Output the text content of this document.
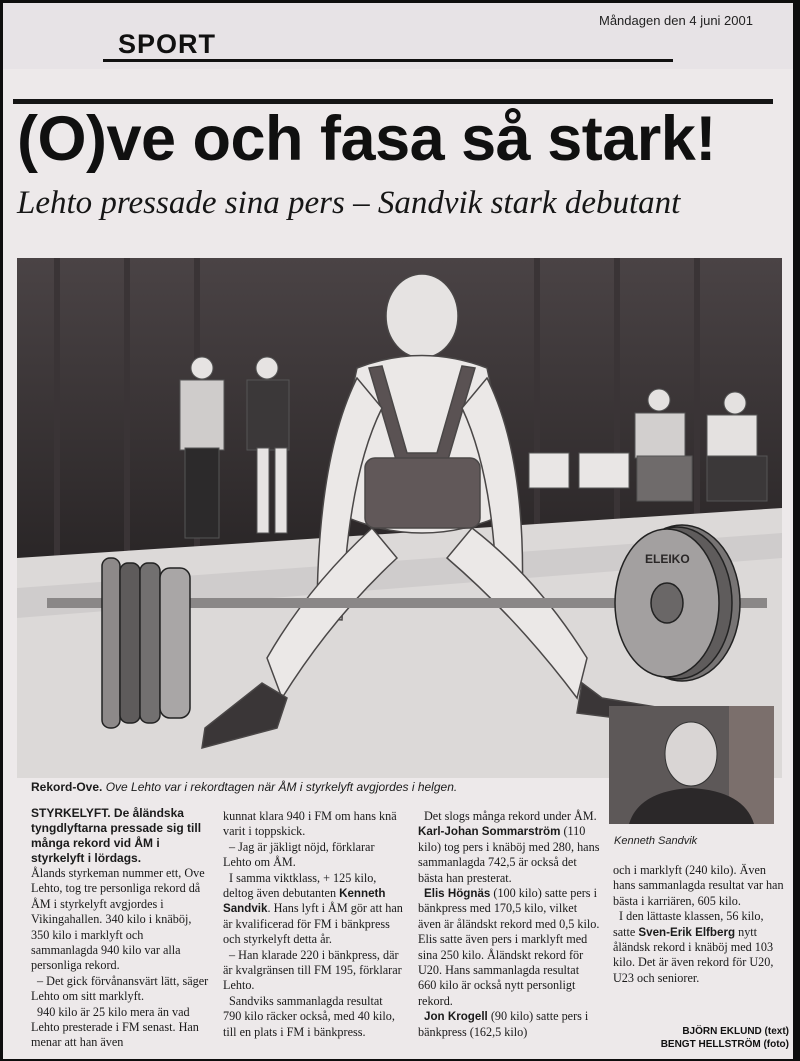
SPORT
Måndagen den 4 juni 2001
(O)ve och fasa så stark!
Lehto pressade sina pers – Sandvik stark debutant
ELEIKO
Kenneth Sandvik
Rekord-Ove. Ove Lehto var i rekordtagen när ÅM i styrkelyft avgjordes i helgen.

STYRKELYFT. De åländska tyngdlyftarna pressade sig till många rekord vid ÅM i styrkelyft i lördags.

Ålands styrkeman nummer ett, Ove Lehto, tog tre personliga rekord då ÅM i styrkelyft avgjordes i Vikingahallen. 340 kilo i knäböj, 350 kilo i marklyft och sammanlagda 940 kilo var alla personliga rekord.

– Det gick förvånansvärt lätt, säger Lehto om sitt marklyft.

940 kilo är 25 kilo mera än vad Lehto presterade i FM senast. Han menar att han även

kunnat klara 940 i FM om hans knä varit i toppskick.

– Jag är jäkligt nöjd, förklarar Lehto om ÅM.

I samma viktklass, + 125 kilo, deltog även debutanten Kenneth Sandvik. Hans lyft i ÅM gör att han är kvalificerad för FM i bänkpress och styrkelyft detta år.

– Han klarade 220 i bänkpress, där är kvalgränsen till FM 195, förklarar Lehto.

Sandviks sammanlagda resultat 790 kilo räcker också, med 40 kilo, till en plats i FM i bänkpress.

Det slogs många rekord under ÅM. Karl-Johan Sommarström (110 kilo) tog pers i knäböj med 280, hans sammanlagda 742,5 är också det bästa han presterat.

Elis Högnäs (100 kilo) satte pers i bänkpress med 170,5 kilo, vilket även är åländskt rekord med 0,5 kilo. Elis satte även pers i marklyft med sina 250 kilo. Åländskt rekord för U20. Hans sammanlagda resultat 660 kilo är också nytt personligt rekord.

Jon Krogell (90 kilo) satte pers i bänkpress (162,5 kilo)

och i marklyft (240 kilo). Även hans sammanlagda resultat var han bästa i karriären, 605 kilo.

I den lättaste klassen, 56 kilo, satte Sven-Erik Elfberg nytt åländsk rekord i knäböj med 103 kilo. Det är även rekord för U20, U23 och seniorer.

BJÖRN EKLUND (text)
BENGT HELLSTRÖM (foto)
